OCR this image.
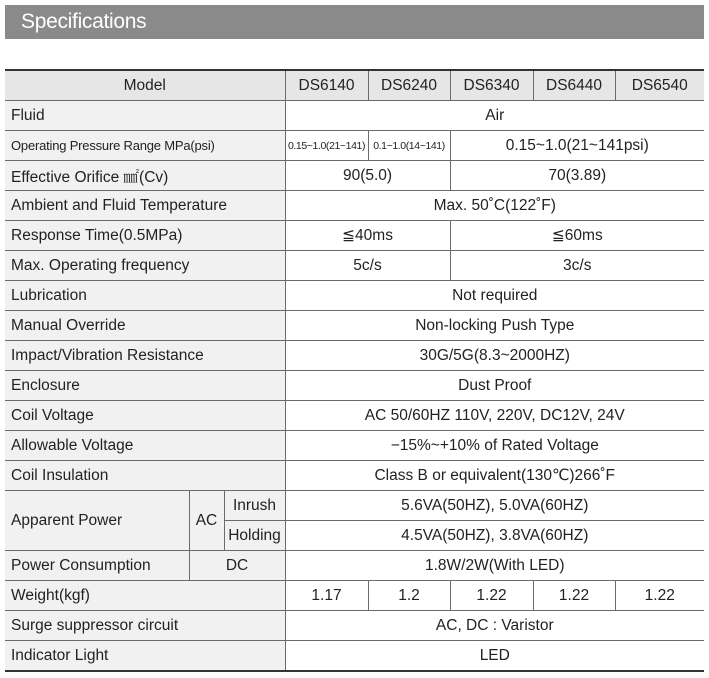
Specifications
Model			DS6140	DS6240	DS6340	DS6440	DS6540
Fluid			Air				
Operating Pressure Range MPa(psi)			0.15~1.0(21~141)	0.1~1.0(14~141)	0.15~1.0(21~141psi)		
Effective Orifice ㎟(Cv)			90(5.0)		70(3.89)		
Ambient and Fluid Temperature			Max. 50˚C(122˚F)				
Response Time(0.5MPa)			≦40ms		≦60ms		
Max. Operating frequency			5c/s		3c/s		
Lubrication			Not required				
Manual Override			Non-locking Push Type				
Impact/Vibration Resistance			30G/5G(8.3~2000HZ)				
Enclosure			Dust Proof				
Coil Voltage			AC 50/60HZ 110V, 220V, DC12V, 24V				
Allowable Voltage			−15%~+10% of Rated Voltage				
Coil Insulation			Class B or equivalent(130℃)266˚F				
Apparent Power	AC	Inrush	5.6VA(50HZ), 5.0VA(60HZ)				
		Holding	4.5VA(50HZ), 3.8VA(60HZ)				
Power Consumption	DC		1.8W/2W(With LED)				
Weight(kgf)			1.17	1.2	1.22	1.22	1.22
Surge suppressor circuit			AC, DC : Varistor				
Indicator Light			LED				
